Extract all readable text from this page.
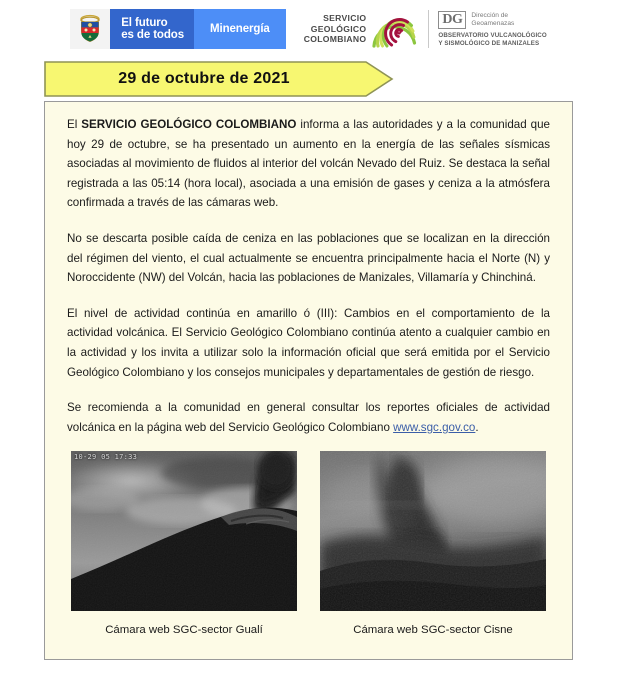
El futuro
es de todos	Minenergía
SERVICIO
GEOLÓGICO
COLOMBIANO
DG	Dirección de
Geoamenazas
OBSERVATORIO VULCANOLÓGICO
Y SISMOLÓGICO DE MANIZALES
29 de octubre de 2021

El SERVICIO GEOLÓGICO COLOMBIANO informa a las autoridades y a la comunidad que hoy 29 de octubre, se ha presentado un aumento en la energía de las señales sísmicas asociadas al movimiento de fluidos al interior del volcán Nevado del Ruiz. Se destaca la señal registrada a las 05:14 (hora local), asociada a una emisión de gases y ceniza a la atmósfera confirmada a través de las cámaras web.

No se descarta posible caída de ceniza en las poblaciones que se localizan en la dirección del régimen del viento, el cual actualmente se encuentra principalmente hacia el Norte (N) y Noroccidente (NW) del Volcán, hacia las poblaciones de Manizales, Villamaría y Chinchiná.

El nivel de actividad continúa en amarillo ó (III): Cambios en el comportamiento de la actividad volcánica. El Servicio Geológico Colombiano continúa atento a cualquier cambio en la actividad y los invita a utilizar solo la información oficial que será emitida por el Servicio Geológico Colombiano y los consejos municipales y departamentales de gestión de riesgo.

Se recomienda a la comunidad en general consultar los reportes oficiales de actividad volcánica en la página web del Servicio Geológico Colombiano www.sgc.gov.co.

10-29 05 17:33
Cámara web SGC-sector Gualí	Cámara web SGC-sector Cisne
